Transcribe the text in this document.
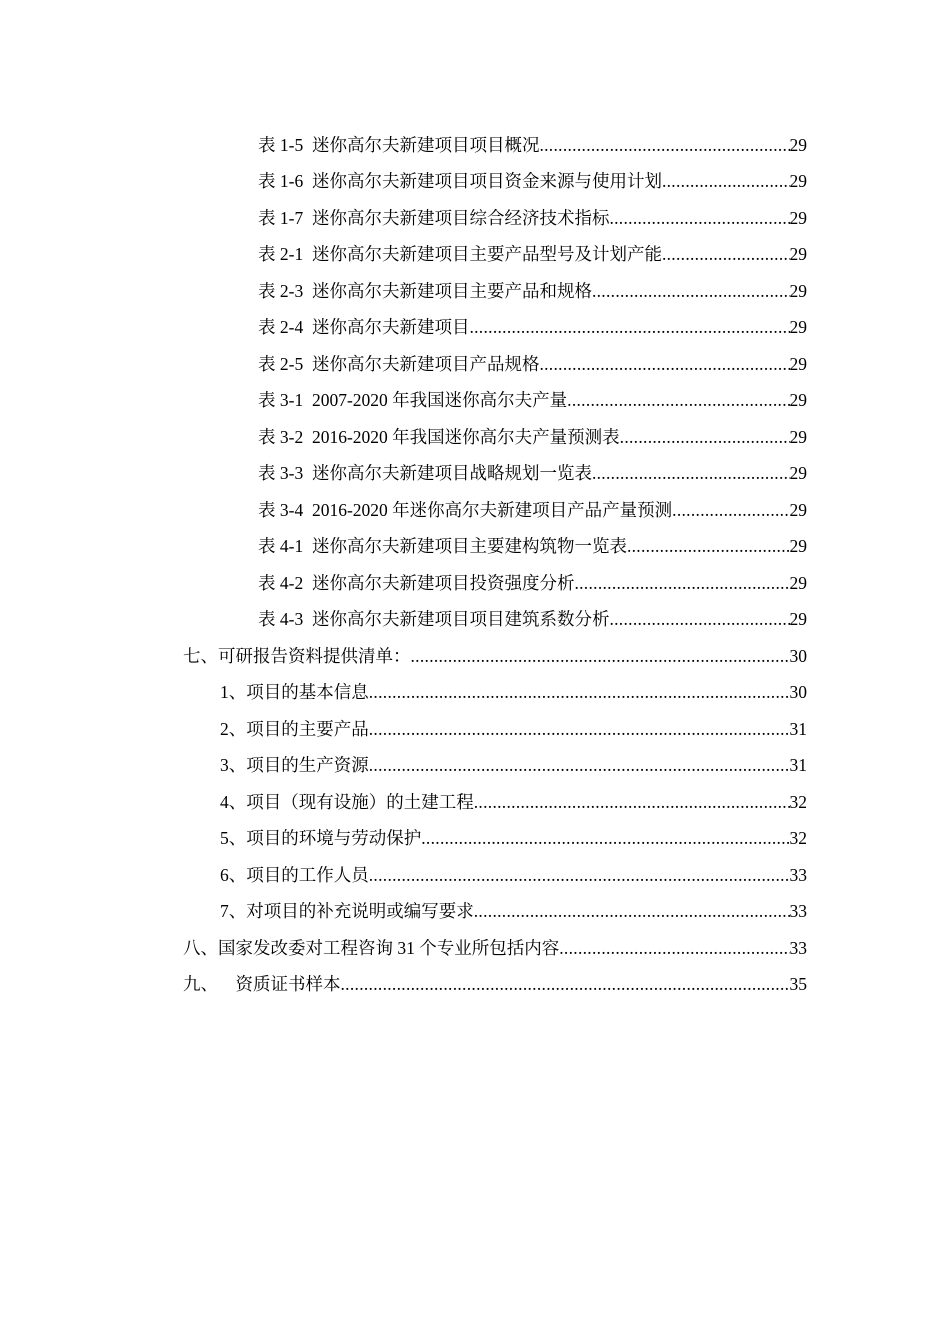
表 1-5  迷你高尔夫新建项目项目概况 .....	29
表 1-6  迷你高尔夫新建项目项目资金来源与使用计划 .....	29
表 1-7  迷你高尔夫新建项目综合经济技术指标 .....	29
表 2-1  迷你高尔夫新建项目主要产品型号及计划产能 .....	29
表 2-3  迷你高尔夫新建项目主要产品和规格 .....	29
表 2-4  迷你高尔夫新建项目 .....	29
表 2-5  迷你高尔夫新建项目产品规格 .....	29
表 3-1  2007-2020 年我国迷你高尔夫产量 .....	29
表 3-2  2016-2020 年我国迷你高尔夫产量预测表 .....	29
表 3-3  迷你高尔夫新建项目战略规划一览表 .....	29
表 3-4  2016-2020 年迷你高尔夫新建项目产品产量预测 .....	29
表 4-1  迷你高尔夫新建项目主要建构筑物一览表 .....	29
表 4-2  迷你高尔夫新建项目投资强度分析 .....	29
表 4-3  迷你高尔夫新建项目项目建筑系数分析 .....	29
七、可研报告资料提供清单： .....	30
1、项目的基本信息 .....	30
2、项目的主要产品 .....	31
3、项目的生产资源 .....	31
4、项目（现有设施）的土建工程 .....	32
5、项目的环境与劳动保护 .....	32
6、项目的工作人员 .....	33
7、对项目的补充说明或编写要求 .....	33
八、国家发改委对工程咨询 31 个专业所包括内容 .....	33
九、    资质证书样本 .....	35
